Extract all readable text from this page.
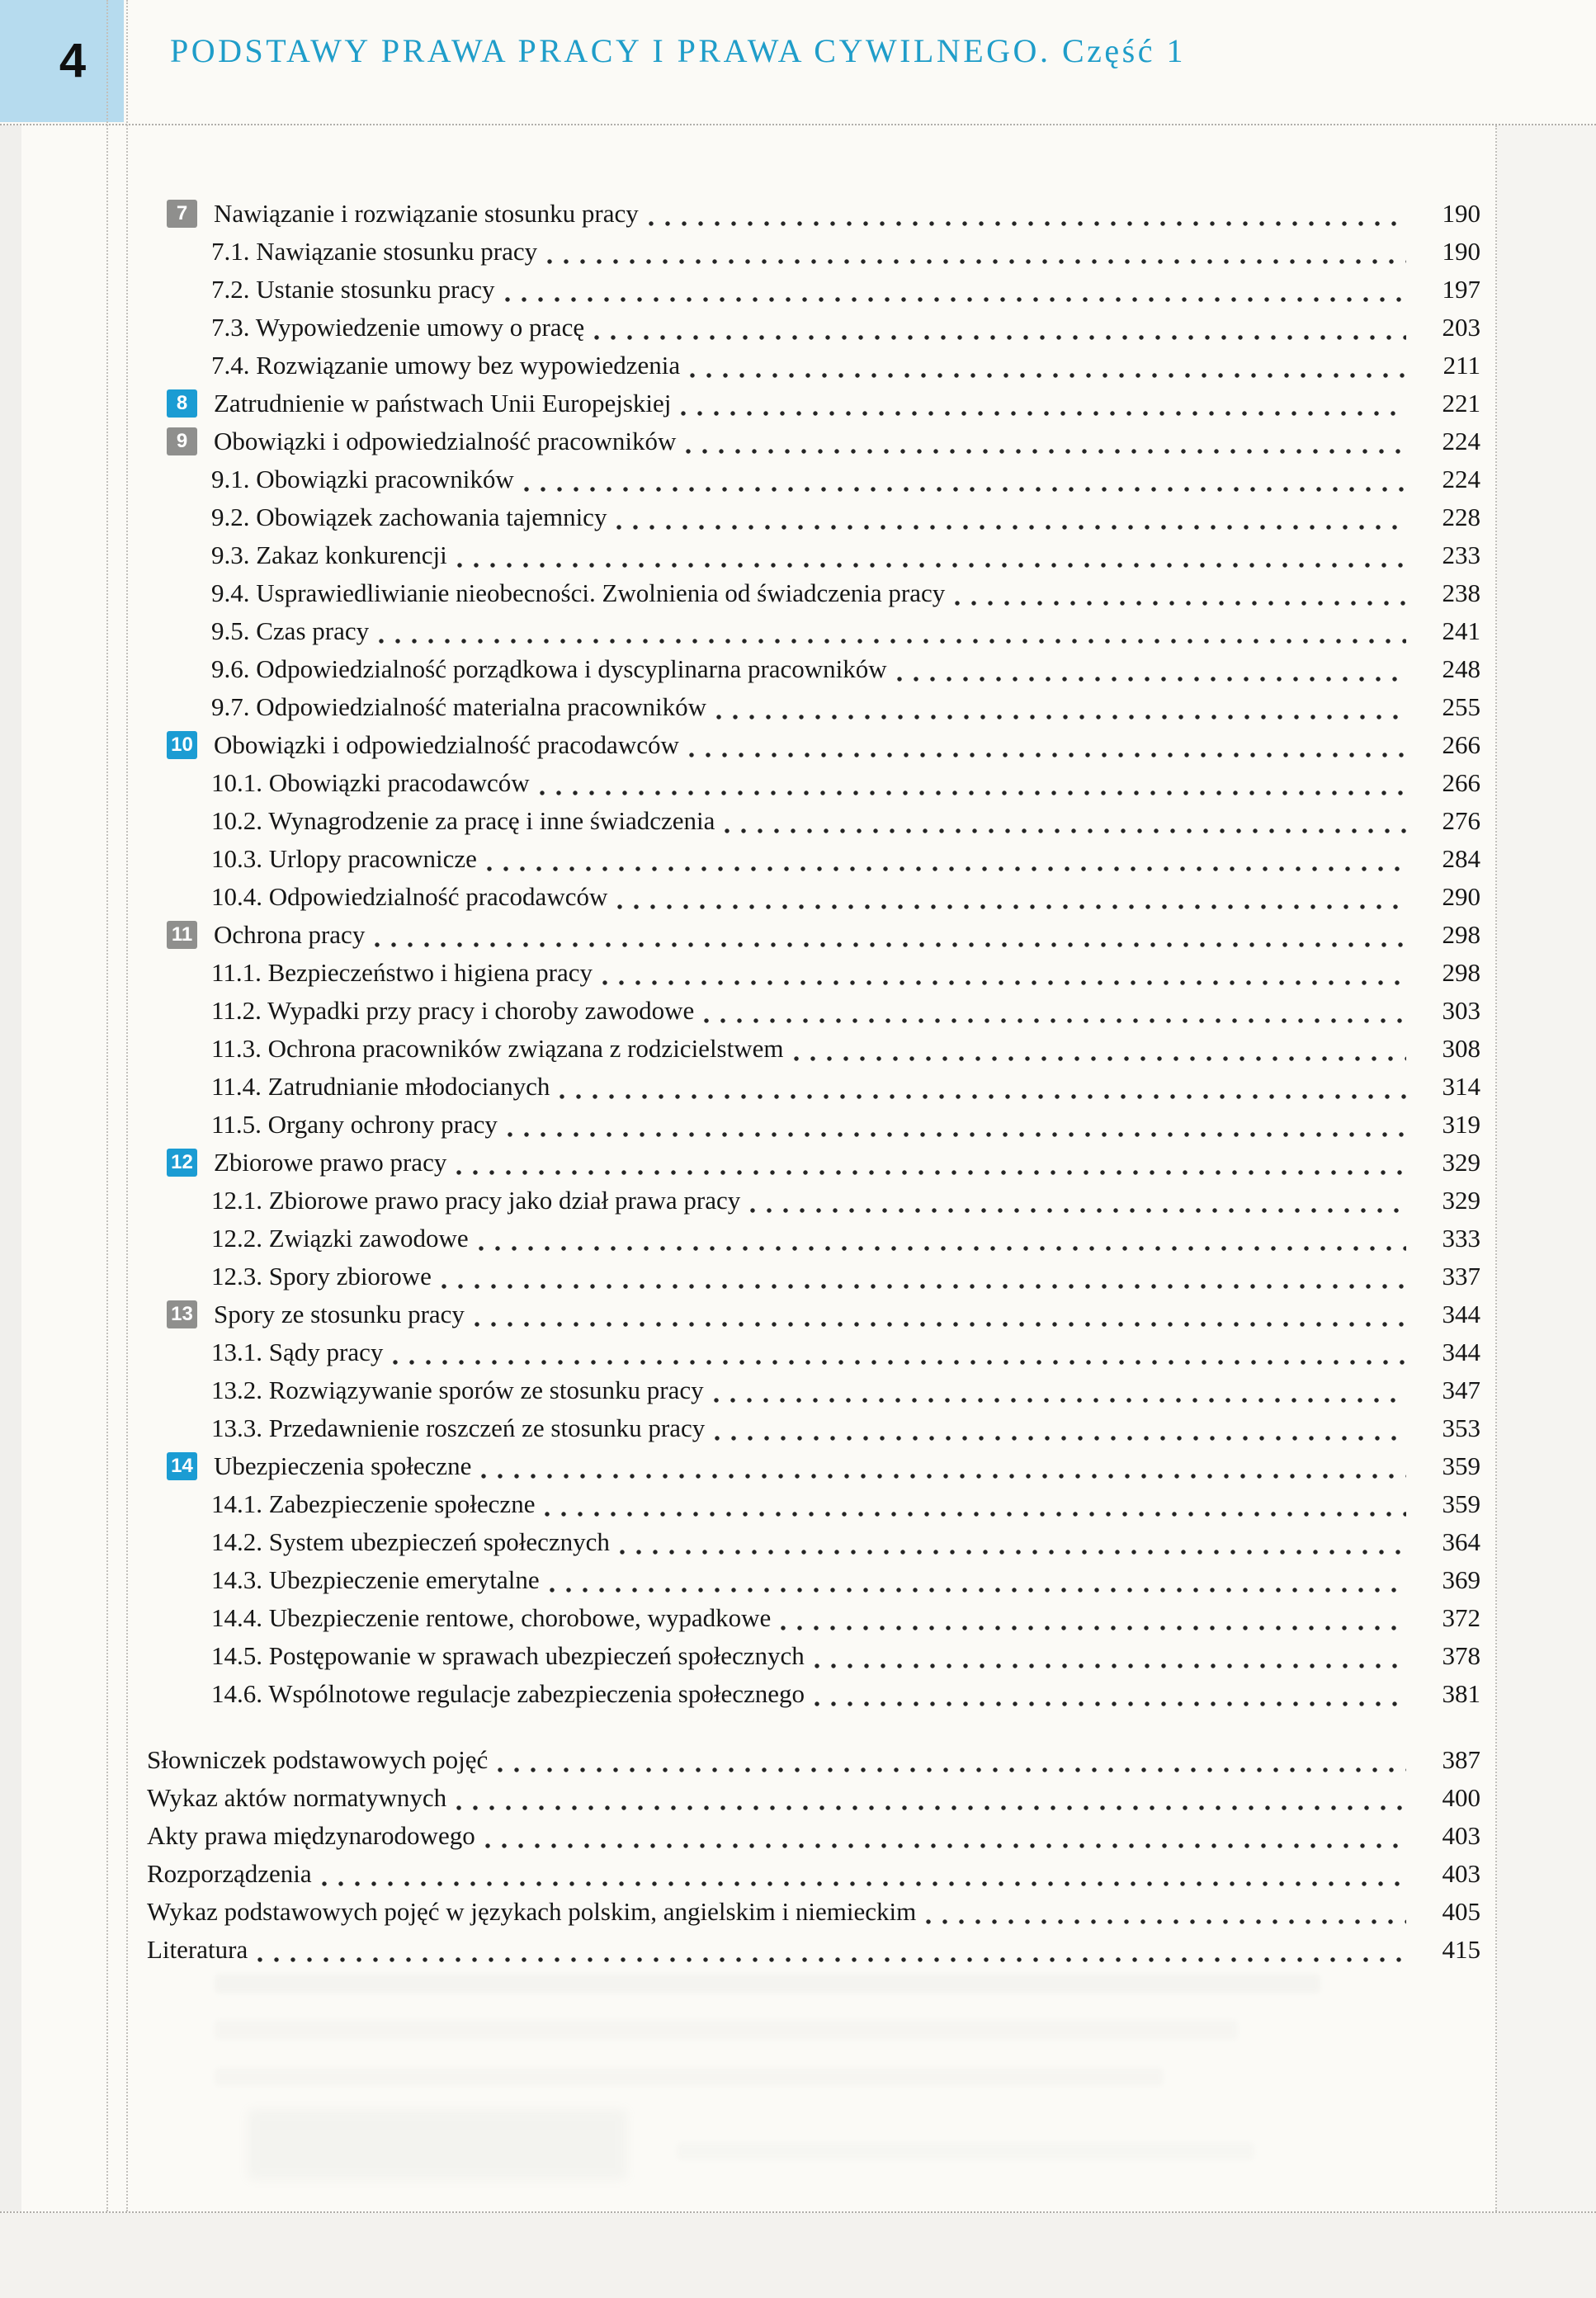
4	PODSTAWY PRAWA PRACY I PRAWA CYWILNEGO. Część 1
7	Nawiązanie i rozwiązanie stosunku pracy	190
7.1. Nawiązanie stosunku pracy	190
7.2. Ustanie stosunku pracy	197
7.3. Wypowiedzenie umowy o pracę	203
7.4. Rozwiązanie umowy bez wypowiedzenia	211
8	Zatrudnienie w państwach Unii Europejskiej	221
9	Obowiązki i odpowiedzialność pracowników	224
9.1. Obowiązki pracowników	224
9.2. Obowiązek zachowania tajemnicy	228
9.3. Zakaz konkurencji	233
9.4. Usprawiedliwianie nieobecności. Zwolnienia od świadczenia pracy	238
9.5. Czas pracy	241
9.6. Odpowiedzialność porządkowa i dyscyplinarna pracowników	248
9.7. Odpowiedzialność materialna pracowników	255
10 Obowiązki i odpowiedzialność pracodawców	266
10.1. Obowiązki pracodawców	266
10.2. Wynagrodzenie za pracę i inne świadczenia	276
10.3. Urlopy pracownicze	284
10.4. Odpowiedzialność pracodawców	290
11 Ochrona pracy	298
11.1. Bezpieczeństwo i higiena pracy	298
11.2. Wypadki przy pracy i choroby zawodowe	303
11.3. Ochrona pracowników związana z rodzicielstwem	308
11.4. Zatrudnianie młodocianych	314
11.5. Organy ochrony pracy	319
12 Zbiorowe prawo pracy	329
12.1. Zbiorowe prawo pracy jako dział prawa pracy	329
12.2. Związki zawodowe	333
12.3. Spory zbiorowe	337
13 Spory ze stosunku pracy	344
13.1. Sądy pracy	344
13.2. Rozwiązywanie sporów ze stosunku pracy	347
13.3. Przedawnienie roszczeń ze stosunku pracy	353
14 Ubezpieczenia społeczne	359
14.1. Zabezpieczenie społeczne	359
14.2. System ubezpieczeń społecznych	364
14.3. Ubezpieczenie emerytalne	369
14.4. Ubezpieczenie rentowe, chorobowe, wypadkowe	372
14.5. Postępowanie w sprawach ubezpieczeń społecznych	378
14.6. Wspólnotowe regulacje zabezpieczenia społecznego	381
Słowniczek podstawowych pojęć	387
Wykaz aktów normatywnych	400
Akty prawa międzynarodowego	403
Rozporządzenia	403
Wykaz podstawowych pojęć w językach polskim, angielskim i niemieckim	405
Literatura	415
